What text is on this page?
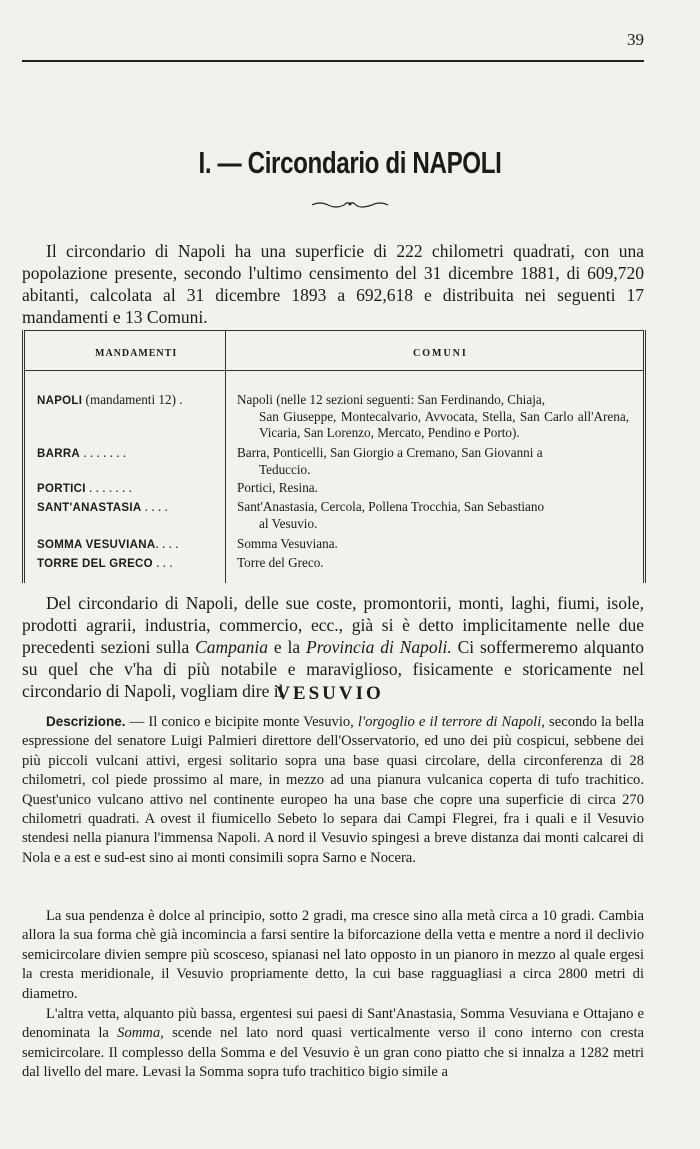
39
I. — Circondario di NAPOLI

Il circondario di Napoli ha una superficie di 222 chilometri quadrati, con una popolazione presente, secondo l'ultimo censimento del 31 dicembre 1881, di 609,720 abitanti, calcolata al 31 dicembre 1893 a 692,618 e distribuita nei seguenti 17 mandamenti e 13 Comuni.

MANDAMENTI	COMUNI
NAPOLI (mandamenti 12) .	Napoli (nelle 12 sezioni seguenti: San Ferdinando, Chiaja,
San Giuseppe, Montecalvario, Avvocata, Stella, San Carlo all'Arena, Vicaria, San Lorenzo, Mercato, Pendino e Porto).
BARRA . . . . . . .	Barra, Ponticelli, San Giorgio a Cremano, San Giovanni a
Teduccio.
PORTICI . . . . . . .	Portici, Resina.
SANT'ANASTASIA . . . .	Sant'Anastasia, Cercola, Pollena Trocchia, San Sebastiano
al Vesuvio.
SOMMA VESUVIANA. . . .	Somma Vesuviana.
TORRE DEL GRECO . . .	Torre del Greco.

Del circondario di Napoli, delle sue coste, promontorii, monti, laghi, fiumi, isole, prodotti agrarii, industria, commercio, ecc., già si è detto implicitamente nelle due precedenti sezioni sulla Campania e la Provincia di Napoli. Ci soffermeremo alquanto su quel che v'ha di più notabile e maraviglioso, fisicamente e storicamente nel circondario di Napoli, vogliam dire il

VESUVIO

Descrizione. — Il conico e bicipite monte Vesuvio, l'orgoglio e il terrore di Napoli, secondo la bella espressione del senatore Luigi Palmieri direttore dell'Osservatorio, ed uno dei più cospicui, sebbene dei più piccoli vulcani attivi, ergesi solitario sopra una base quasi circolare, della circonferenza di 28 chilometri, col piede prossimo al mare, in mezzo ad una pianura vulcanica coperta di tufo trachitico. Quest'unico vulcano attivo nel continente europeo ha una base che copre una superficie di circa 270 chilometri quadrati. A ovest il fiumicello Sebeto lo separa dai Campi Flegrei, fra i quali e il Vesuvio stendesi nella pianura l'immensa Napoli. A nord il Vesuvio spingesi a breve distanza dai monti calcarei di Nola e a est e sud-est sino ai monti consimili sopra Sarno e Nocera.

La sua pendenza è dolce al principio, sotto 2 gradi, ma cresce sino alla metà circa a 10 gradi. Cambia allora la sua forma chè già incomincia a farsi sentire la biforcazione della vetta e mentre a nord il declivio semicircolare divien sempre più scosceso, spianasi nel lato opposto in un pianoro in mezzo al quale ergesi la cresta meridionale, il Vesuvio propriamente detto, la cui base ragguagliasi a circa 2800 metri di diametro.

L'altra vetta, alquanto più bassa, ergentesi sui paesi di Sant'Anastasia, Somma Vesuviana e Ottajano e denominata la Somma, scende nel lato nord quasi verticalmente verso il cono interno con cresta semicircolare. Il complesso della Somma e del Vesuvio è un gran cono piatto che si innalza a 1282 metri dal livello del mare. Levasi la Somma sopra tufo trachitico bigio simile a
